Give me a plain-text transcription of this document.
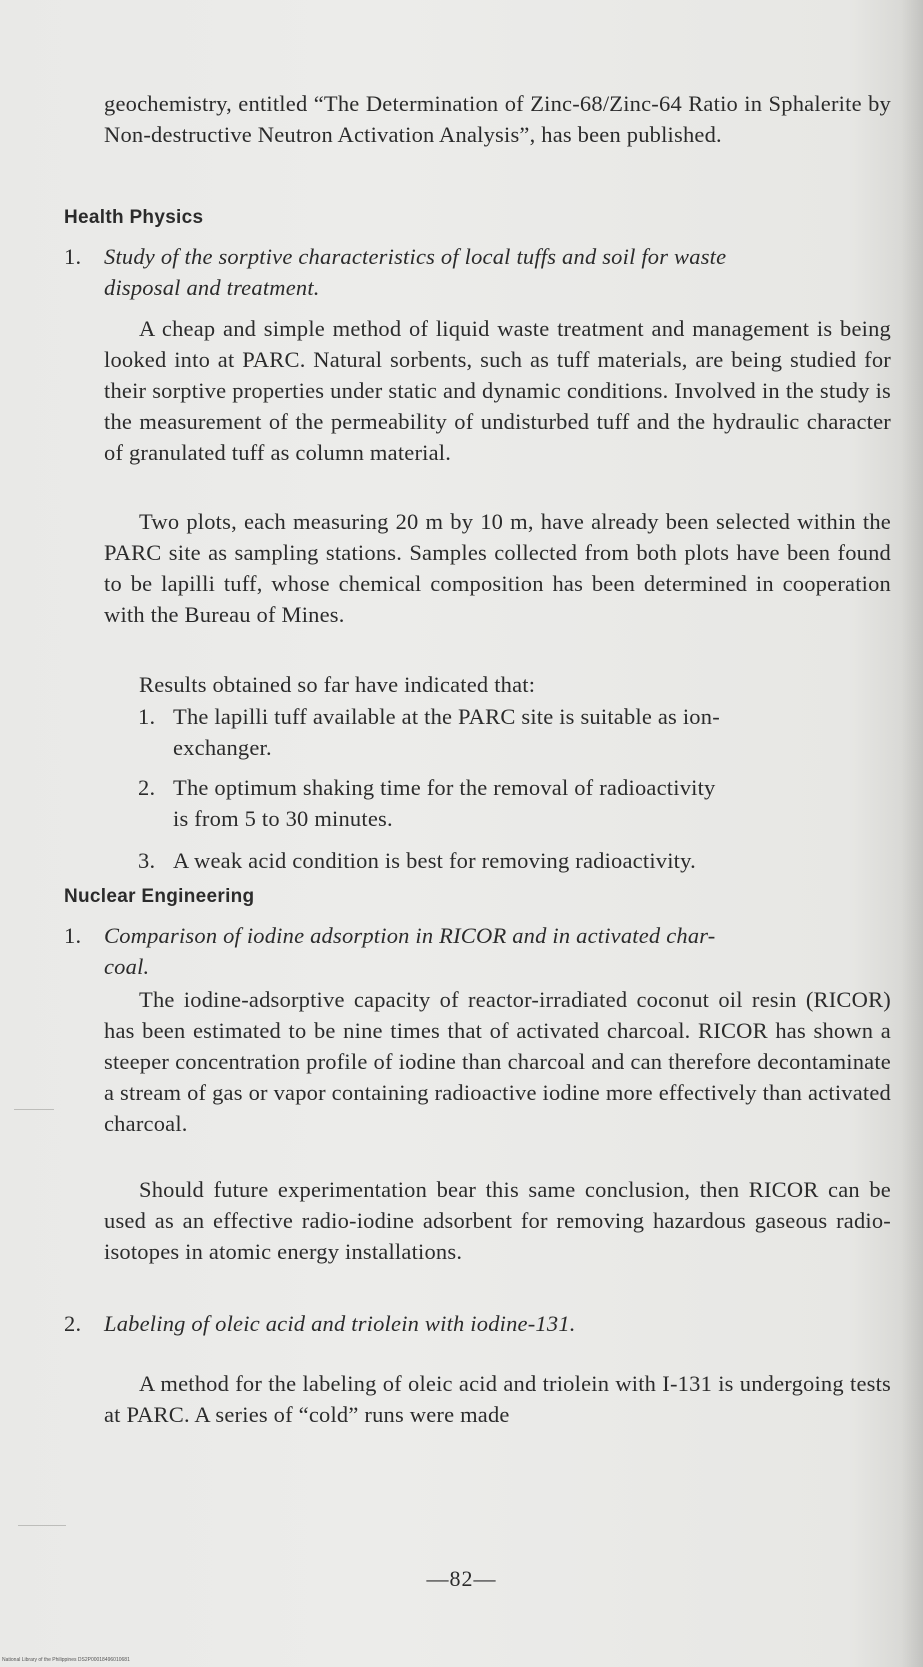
geochemistry, entitled “The Determination of Zinc-68/Zinc-64 Ratio in Sphalerite by Non-destructive Neutron Activation Analysis”, has been published.
Health Physics
1. Study of the sorptive characteristics of local tuffs and soil for waste
disposal and treatment.
A cheap and simple method of liquid waste treatment and management is being looked into at PARC. Natural sorbents, such as tuff materials, are being studied for their sorptive properties under static and dynamic conditions. Involved in the study is the measurement of the permeability of undisturbed tuff and the hydraulic character of granulated tuff as column material.
Two plots, each measuring 20 m by 10 m, have already been selected within the PARC site as sampling stations. Samples collected from both plots have been found to be lapilli tuff, whose chemical composition has been determined in cooperation with the Bureau of Mines.
Results obtained so far have indicated that:
1. The lapilli tuff available at the PARC site is suitable as ion-
exchanger.
2. The optimum shaking time for the removal of radioactivity
is from 5 to 30 minutes.
3. A weak acid condition is best for removing radioactivity.
Nuclear Engineering
1. Comparison of iodine adsorption in RICOR and in activated char-
coal.
The iodine-adsorptive capacity of reactor-irradiated coconut oil resin (RICOR) has been estimated to be nine times that of activated charcoal. RICOR has shown a steeper concentration profile of iodine than charcoal and can therefore decontaminate a stream of gas or vapor containing radioactive iodine more effectively than activated charcoal.
Should future experimentation bear this same conclusion, then RICOR can be used as an effective radio-iodine adsorbent for removing hazardous gaseous radio-isotopes in atomic energy installations.
2. Labeling of oleic acid and triolein with iodine-131.
A method for the labeling of oleic acid and triolein with I-131 is undergoing tests at PARC. A series of “cold” runs were made
—82—
National Library of the Philippines DS2P00018496010681
